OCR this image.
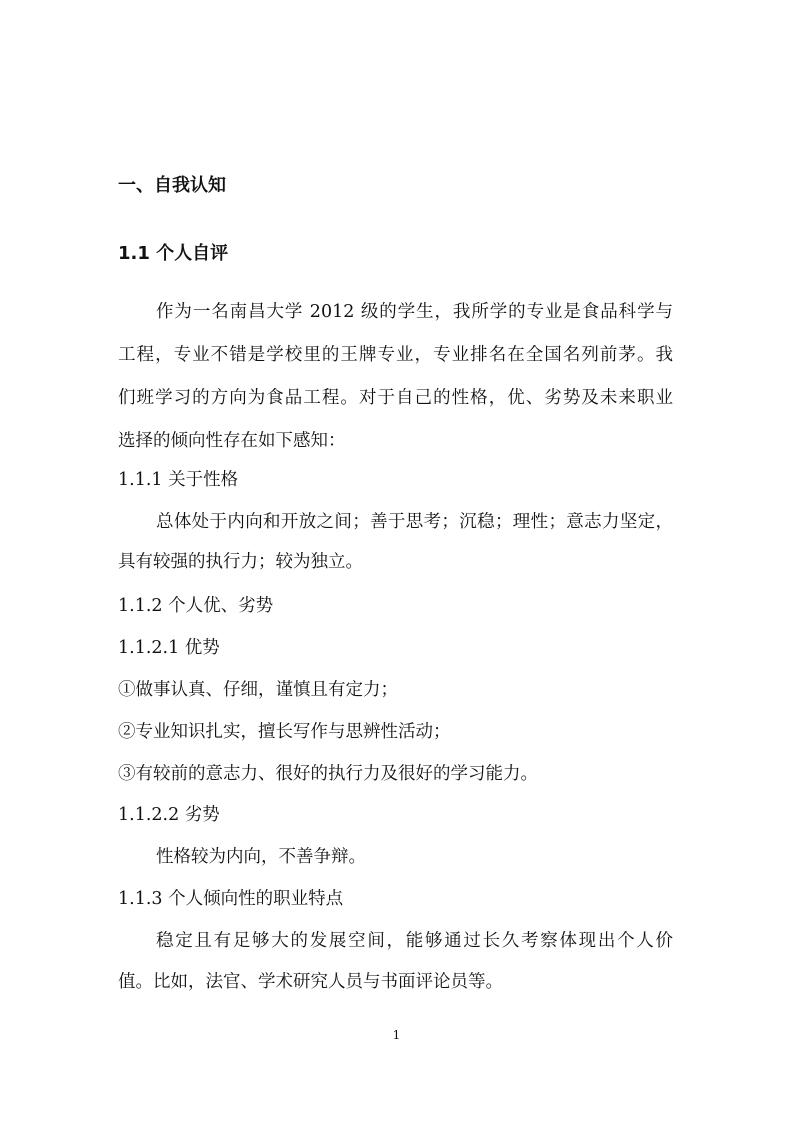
一、自我认知
1.1 个人自评
作为一名南昌大学 2012 级的学生，我所学的专业是食品科学与
工程，专业不错是学校里的王牌专业，专业排名在全国名列前茅。我
们班学习的方向为食品工程。对于自己的性格，优、劣势及未来职业
选择的倾向性存在如下感知：
1.1.1 关于性格
总体处于内向和开放之间；善于思考；沉稳；理性；意志力坚定，
具有较强的执行力；较为独立。
1.1.2 个人优、劣势
1.1.2.1 优势
①做事认真、仔细，谨慎且有定力；
②专业知识扎实，擅长写作与思辨性活动；
③有较前的意志力、很好的执行力及很好的学习能力。
1.1.2.2 劣势
性格较为内向，不善争辩。
1.1.3 个人倾向性的职业特点
稳定且有足够大的发展空间，能够通过长久考察体现出个人价
值。比如，法官、学术研究人员与书面评论员等。
1
